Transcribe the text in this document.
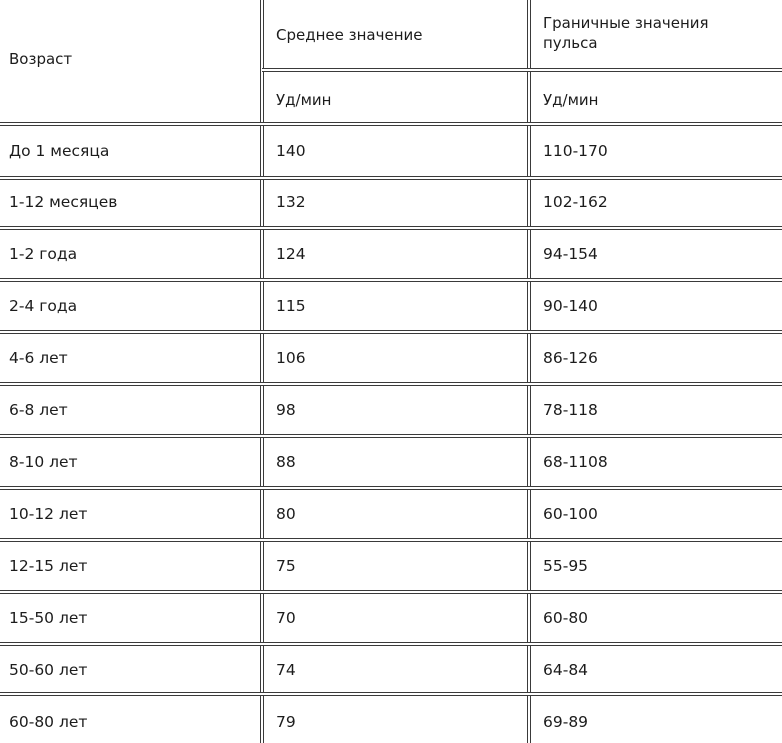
Возраст
Среднее значение
Граничные значения пульса
Уд/мин	Уд/мин
До 1 месяца	140	110-170
1-12 месяцев	132	102-162
1-2 года	124	94-154
2-4 года	115	90-140
4-6 лет	106	86-126
6-8 лет	98	78-118
8-10 лет	88	68-1108
10-12 лет	80	60-100
12-15 лет	75	55-95
15-50 лет	70	60-80
50-60 лет	74	64-84
60-80 лет	79	69-89
